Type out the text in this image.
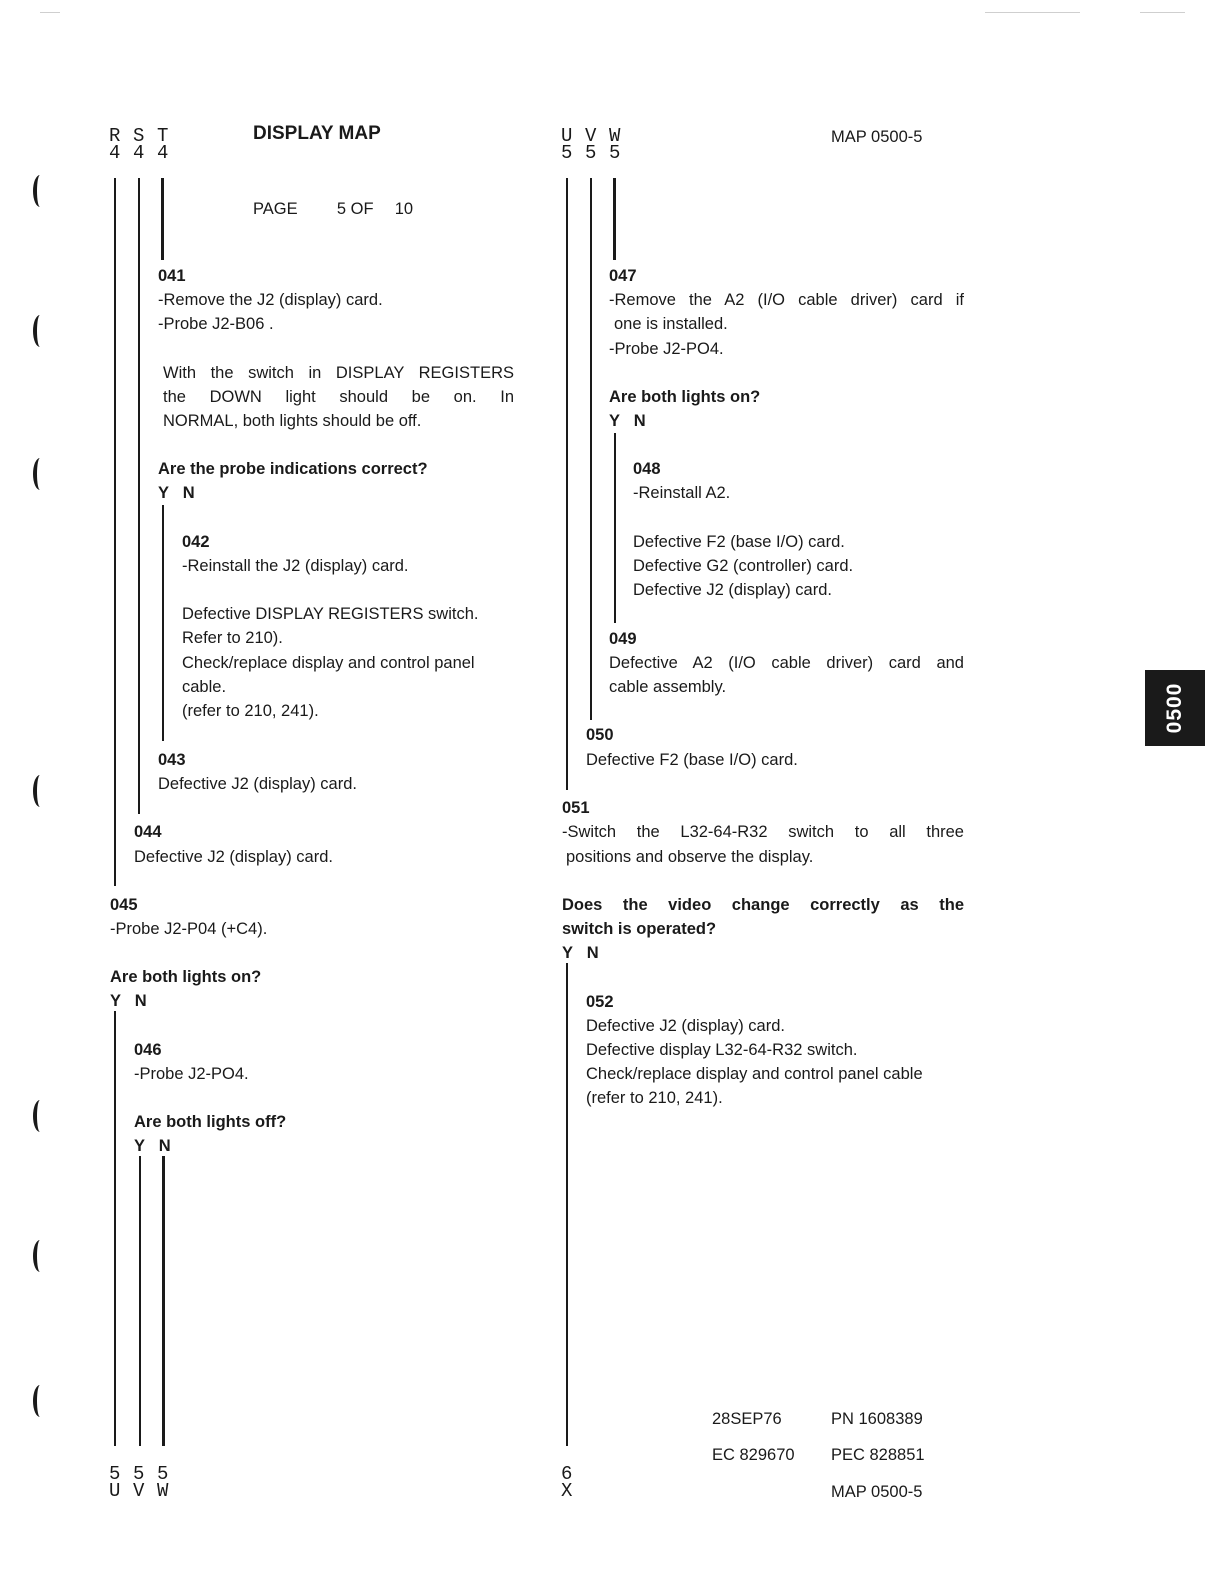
DISPLAY MAP
PAGE 5 OF 10
MAP 0500-5
R
4
S
4
T
4
U
5
V
5
W
5
041
-Remove the J2 (display) card.
-Probe J2-B06 .
With the switch in DISPLAY REGISTERS
the DOWN light should be on. In
NORMAL, both lights should be off.
Are the probe indications correct?
Y N
042
-Reinstall the J2 (display) card.
Defective DISPLAY REGISTERS switch.
Refer to 210).
Check/replace display and control panel
cable.
(refer to 210, 241).
043
Defective J2 (display) card.
044
Defective J2 (display) card.
045
-Probe J2-P04 (+C4).
Are both lights on?
Y N
046
-Probe J2-PO4.
Are both lights off?
Y N
5
U
5
V
5
W
047
-Remove the A2 (I/O cable driver) card if
one is installed.
-Probe J2-PO4.
Are both lights on?
Y N
048
-Reinstall A2.
Defective F2 (base I/O) card.
Defective G2 (controller) card.
Defective J2 (display) card.
049
Defective A2 (I/O cable driver) card and
cable assembly.
050
Defective F2 (base I/O) card.
051
-Switch the L32-64-R32 switch to all three
positions and observe the display.
Does the video change correctly as the
switch is operated?
Y N
052
Defective J2 (display) card.
Defective display L32-64-R32 switch.
Check/replace display and control panel cable
(refer to 210, 241).
6
X
28SEP76	PN 1608389
EC 829670 PEC 828851
MAP 0500-5
0500
